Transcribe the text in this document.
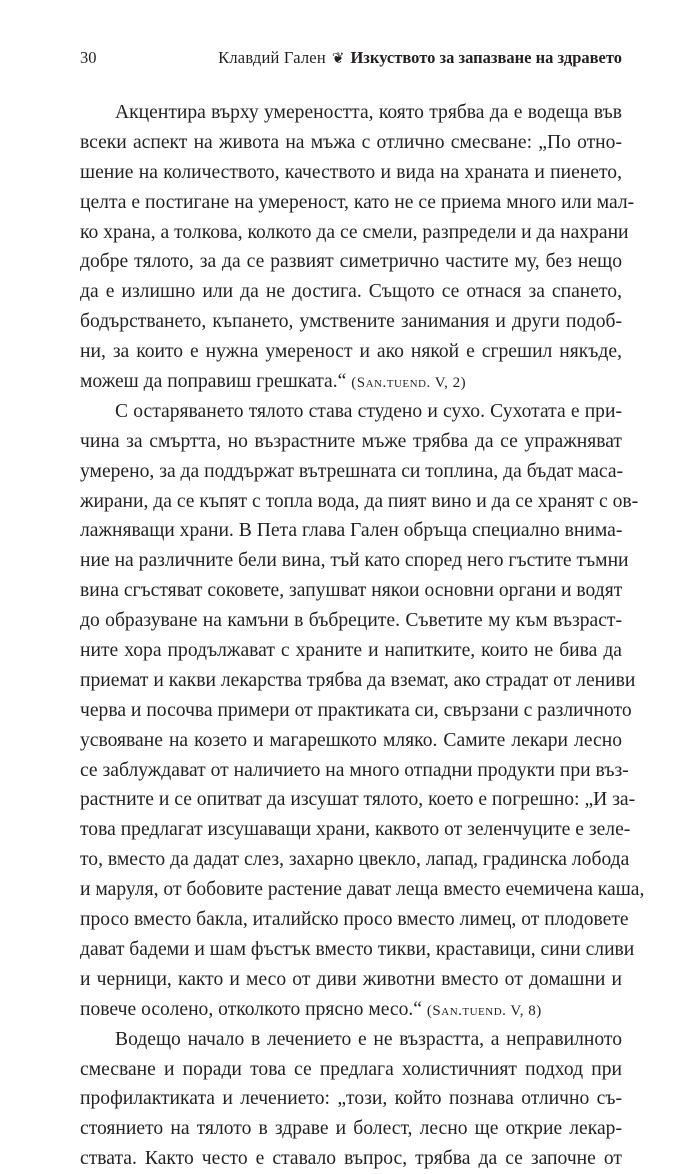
30	Клавдий Гален ❦ Изкуството за запазване на здравето
Акцентира върху умереността, която трябва да е водеща във
всеки аспект на живота на мъжа с отлично смесване: „По отно-
шение на количеството, качеството и вида на храната и пиенето,
целта е постигане на умереност, като не се приема много или мал-
ко храна, а толкова, колкото да се смели, разпредели и да нахрани
добре тялото, за да се развият симетрично частите му, без нещо
да е излишно или да не достига. Същото се отнася за спането,
бодърстването, къпането, умствените занимания и други подоб-
ни, за които е нужна умереност и ако някой е сгрешил някъде,
можеш да поправиш грешката.“ (San.tuend. V, 2)
С остаряването тялото става студено и сухо. Сухотата е при-
чина за смъртта, но възрастните мъже трябва да се упражняват
умерено, за да поддържат вътрешната си топлина, да бъдат маса-
жирани, да се къпят с топла вода, да пият вино и да се хранят с ов-
лажняващи храни. В Пета глава Гален обръща специално внима-
ние на различните бели вина, тъй като според него гъстите тъмни
вина сгъстяват соковете, запушват някои основни органи и водят
до образуване на камъни в бъбреците. Съветите му към възраст-
ните хора продължават с храните и напитките, които не бива да
приемат и какви лекарства трябва да вземат, ако страдат от лениви
черва и посочва примери от практиката си, свързани с различното
усвояване на козето и магарешкото мляко. Самите лекари лесно
се заблуждават от наличието на много отпадни продукти при въз-
растните и се опитват да изсушат тялото, което е погрешно: „И за-
това предлагат изсушаващи храни, каквото от зеленчуците е зеле-
то, вместо да дадат слез, захарно цвекло, лапад, градинска лобода
и маруля, от бобовите растение дават леща вместо ечемичена каша,
просо вместо бакла, италийско просо вместо лимец, от плодовете
дават бадеми и шам фъстък вместо тикви, краставици, сини сливи
и черници, както и месо от диви животни вместо от домашни и
повече осолено, отколкото прясно месо.“ (San.tuend. V, 8)
Водещо начало в лечението е не възрастта, а неправилното
смесване и поради това се предлага холистичният подход при
профилактиката и лечението: „този, който познава отлично съ-
стоянието на тялото в здраве и болест, лесно ще открие лекар-
ствата. Както често е ставало въпрос, трябва да се започне от
